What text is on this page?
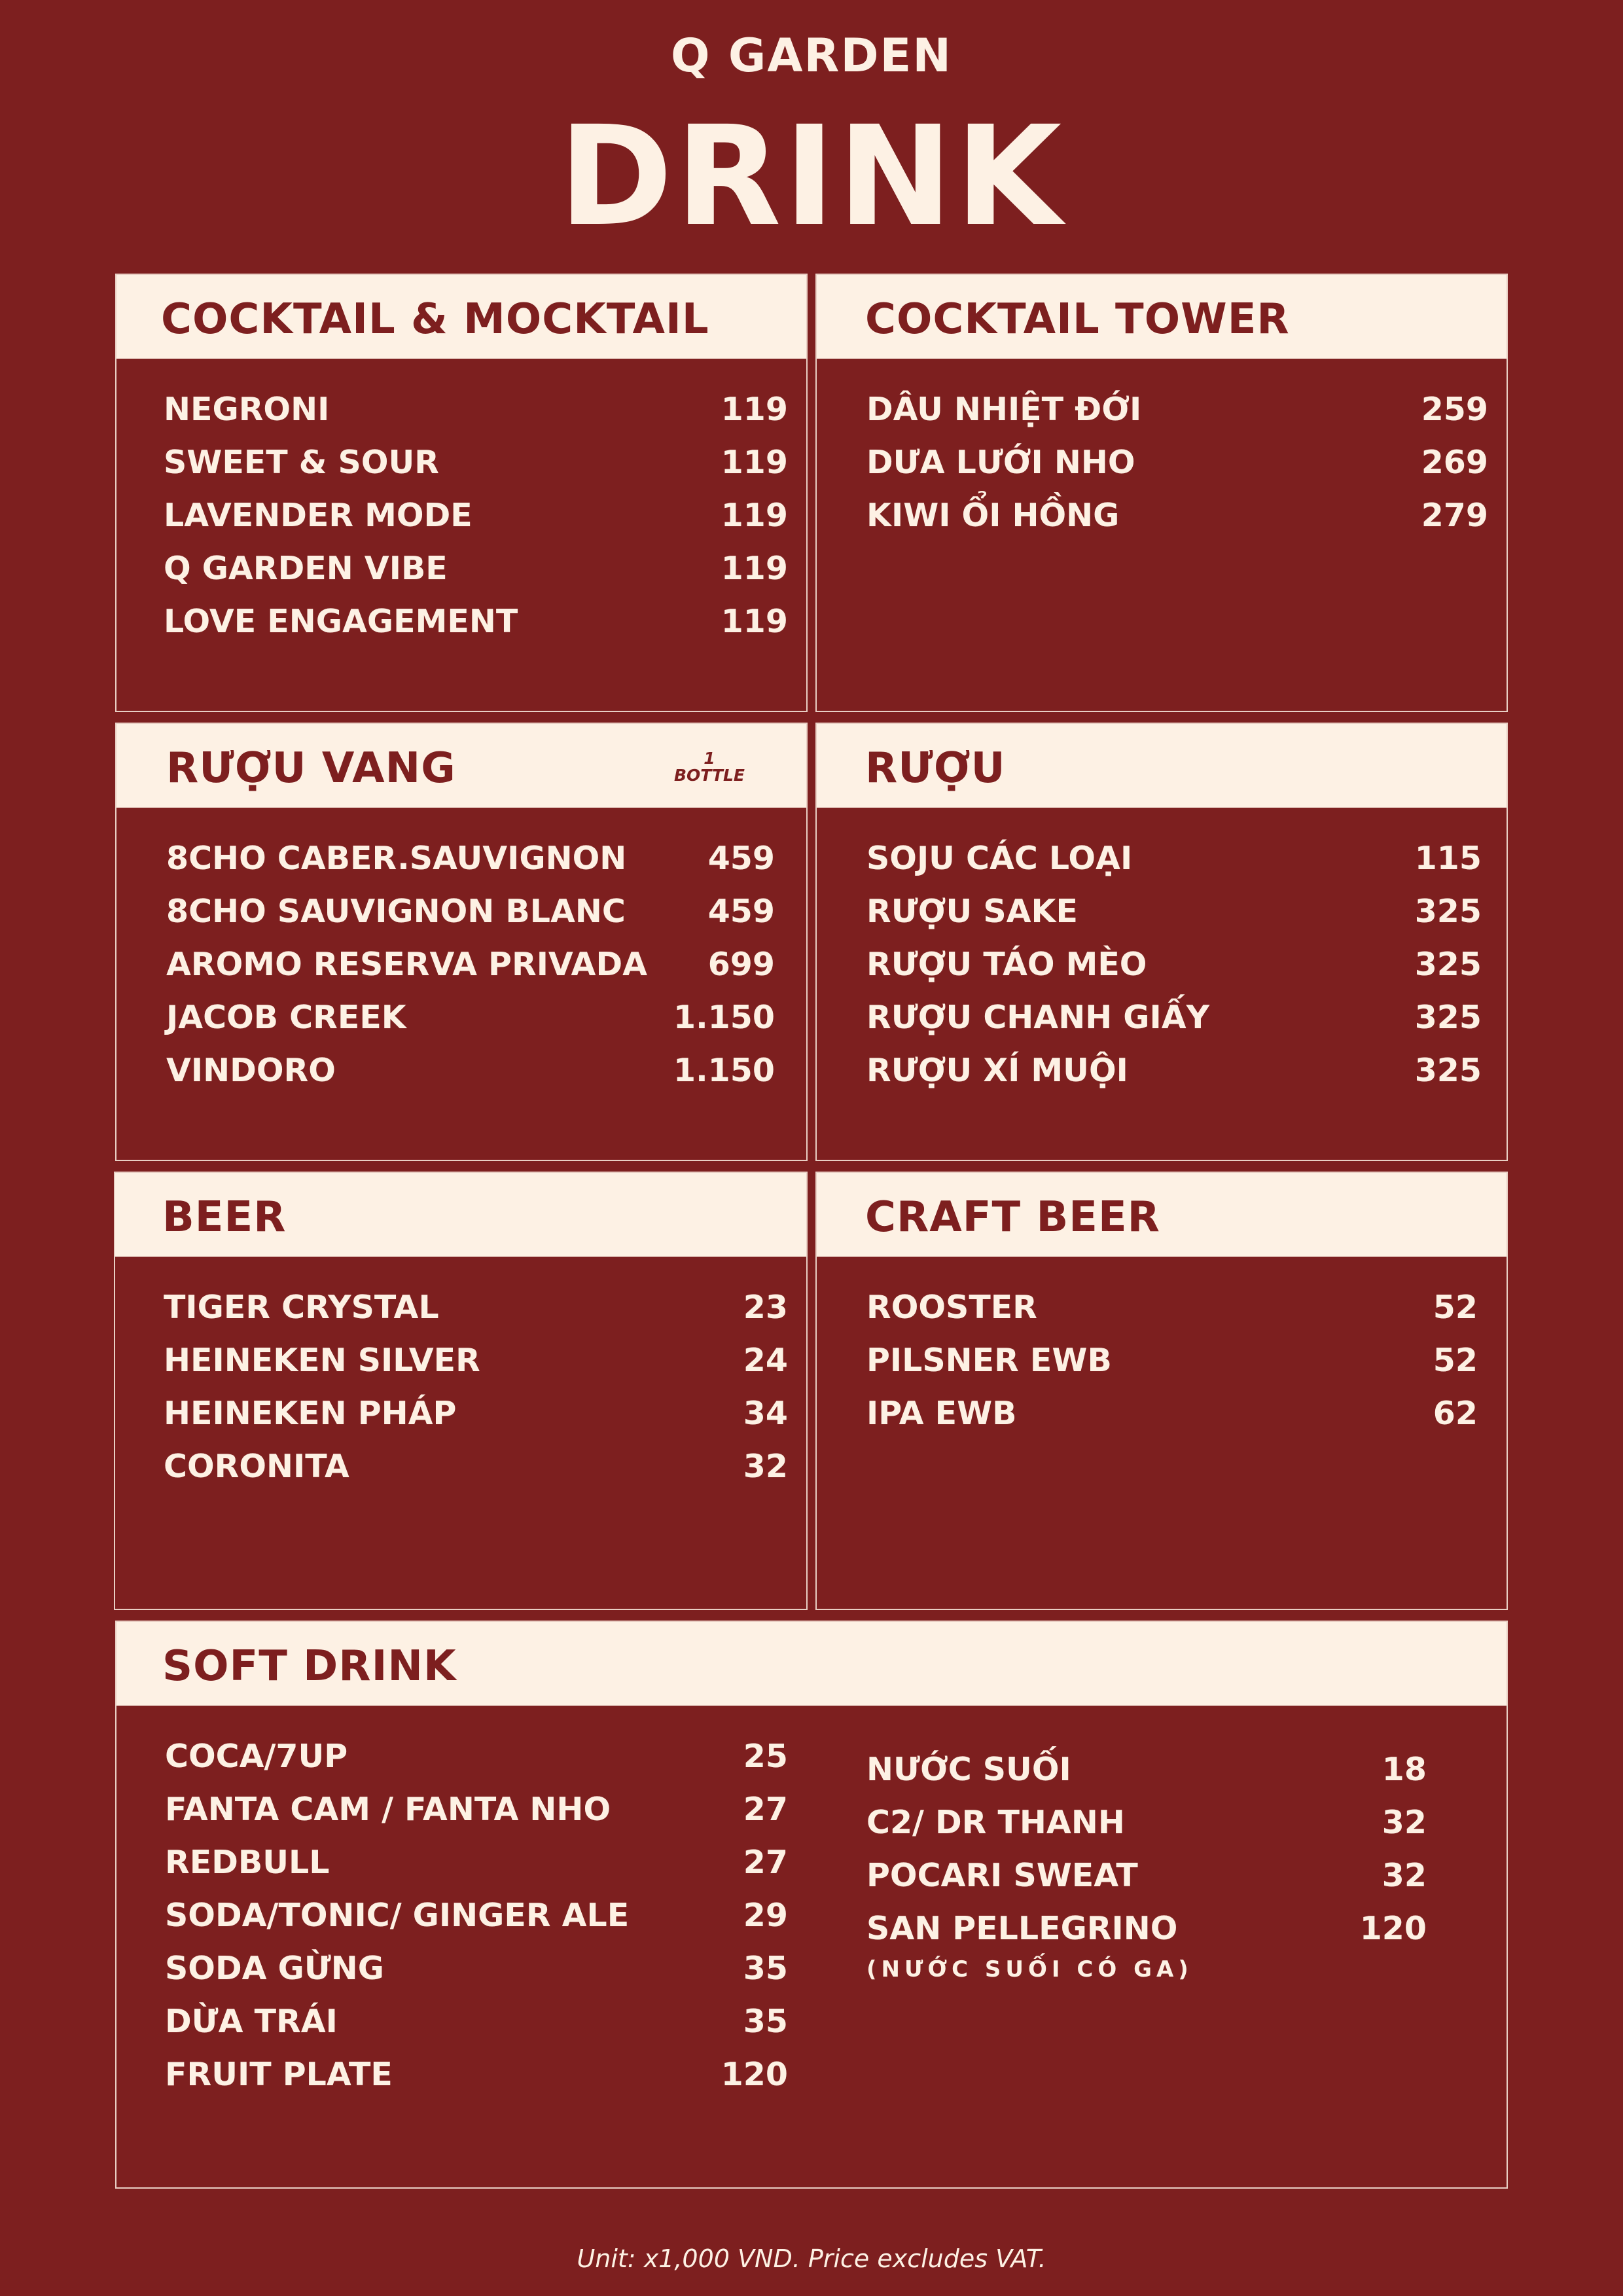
Q GARDEN
DRINK
COCKTAIL & MOCKTAIL
NEGRONI	119
SWEET & SOUR	119
LAVENDER MODE	119
Q GARDEN VIBE	119
LOVE ENGAGEMENT	119
COCKTAIL TOWER
DÂU NHIỆT ĐỚI	259
DƯA LƯỚI NHO	269
KIWI ỔI HỒNG	279
RƯỢU VANG	1
BOTTLE
8CHO CABER.SAUVIGNON	459
8CHO SAUVIGNON BLANC	459
AROMO RESERVA PRIVADA	699
JACOB CREEK	1.150
VINDORO	1.150
RƯỢU
SOJU CÁC LOẠI	115
RƯỢU SAKE	325
RƯỢU TÁO MÈO	325
RƯỢU CHANH GIẤY	325
RƯỢU XÍ MUỘI	325
BEER
TIGER CRYSTAL	23
HEINEKEN SILVER	24
HEINEKEN PHÁP	34
CORONITA	32
CRAFT BEER
ROOSTER	52
PILSNER EWB	52
IPA EWB	62
SOFT DRINK
COCA/7UP	25
FANTA CAM / FANTA NHO	27
REDBULL	27
SODA/TONIC/ GINGER ALE	29
SODA GỪNG	35
DỪA TRÁI	35
FRUIT PLATE	120
NƯỚC SUỐI	18
C2/ DR THANH	32
POCARI SWEAT	32
SAN PELLEGRINO	120
(NƯỚC SUỐI CÓ GA)
Unit: x1,000 VND. Price excludes VAT.
